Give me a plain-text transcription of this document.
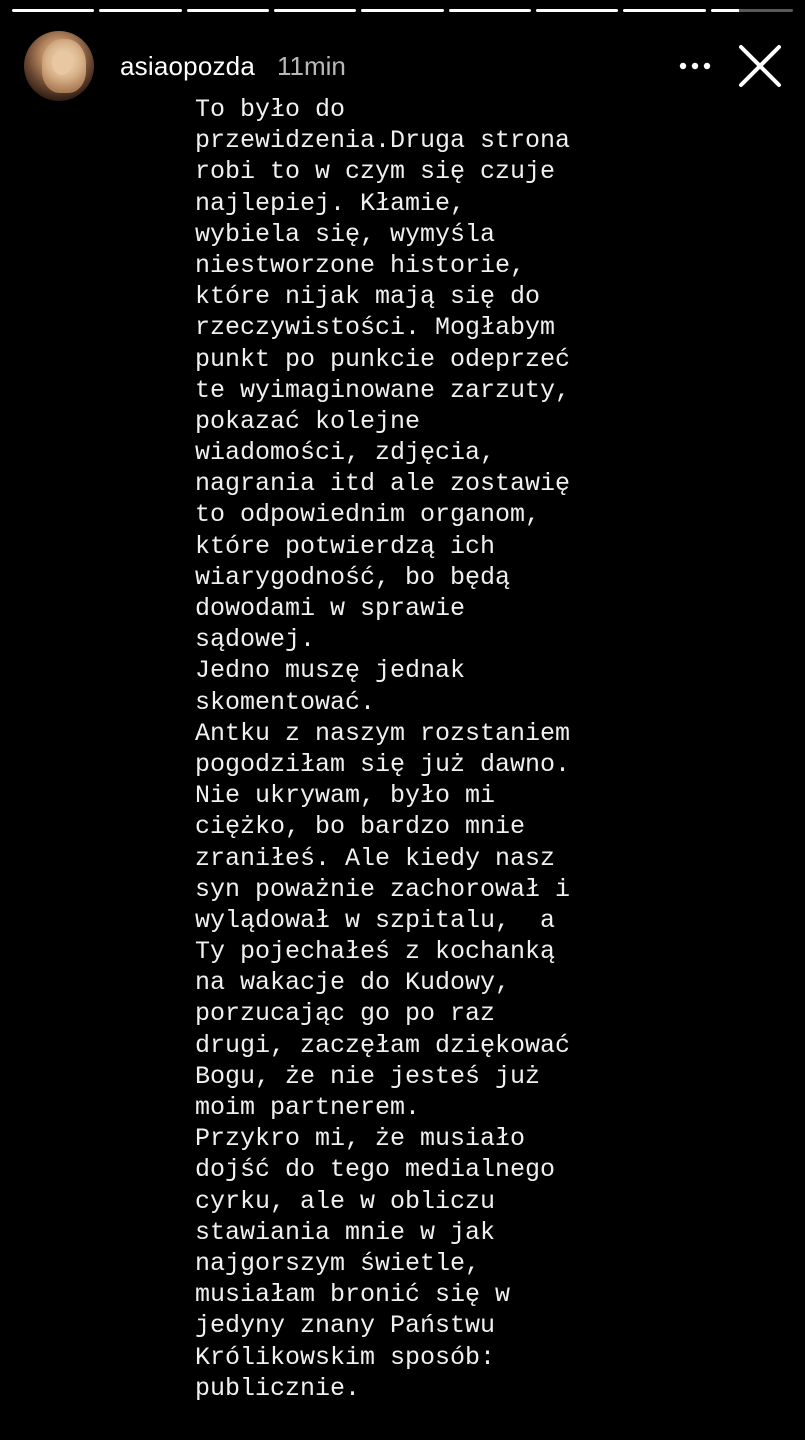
asiaopozda 11min
To było do
przewidzenia.Druga strona
robi to w czym się czuje
najlepiej. Kłamie,
wybiela się, wymyśla
niestworzone historie,
które nijak mają się do
rzeczywistości. Mogłabym
punkt po punkcie odeprzeć
te wyimaginowane zarzuty,
pokazać kolejne
wiadomości, zdjęcia,
nagrania itd ale zostawię
to odpowiednim organom,
które potwierdzą ich
wiarygodność, bo będą
dowodami w sprawie
sądowej.
Jedno muszę jednak
skomentować.
Antku z naszym rozstaniem
pogodziłam się już dawno.
Nie ukrywam, było mi
ciężko, bo bardzo mnie
zraniłeś. Ale kiedy nasz
syn poważnie zachorował i
wylądował w szpitalu,  a
Ty pojechałeś z kochanką
na wakacje do Kudowy,
porzucając go po raz
drugi, zaczęłam dziękować
Bogu, że nie jesteś już
moim partnerem.
Przykro mi, że musiało
dojść do tego medialnego
cyrku, ale w obliczu
stawiania mnie w jak
najgorszym świetle,
musiałam bronić się w
jedyny znany Państwu
Królikowskim sposób:
publicznie.
